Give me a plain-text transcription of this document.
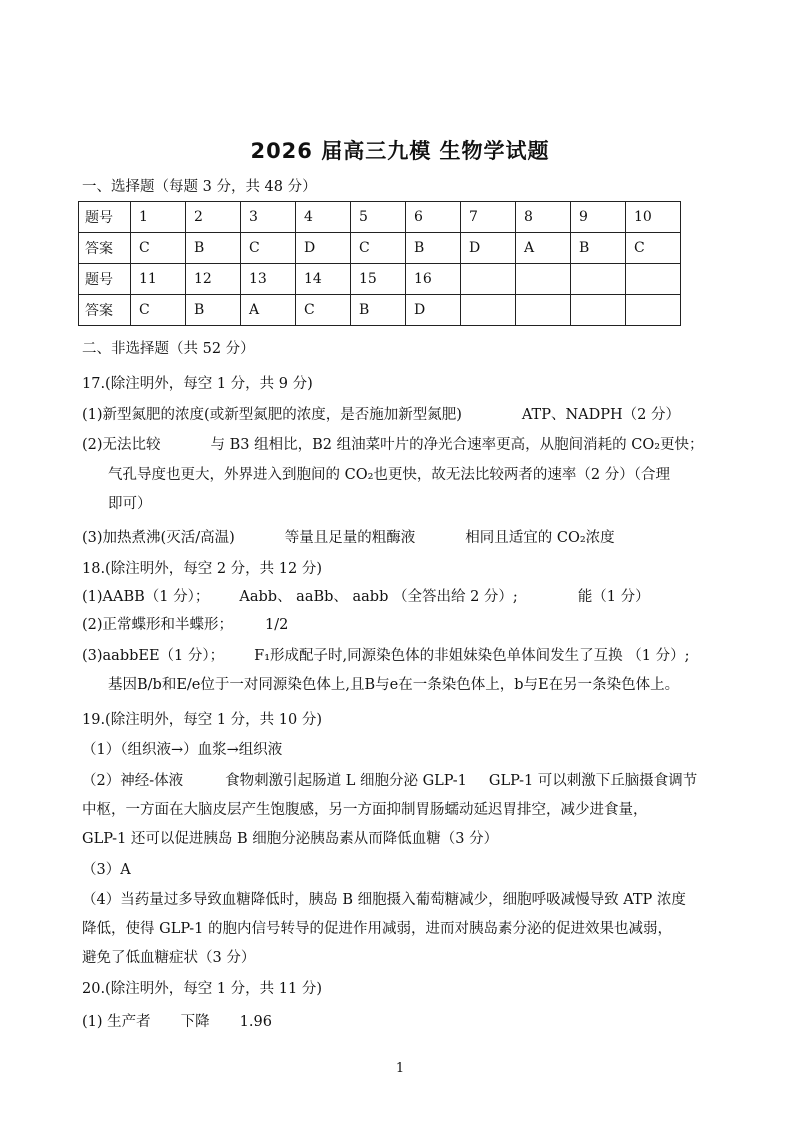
2026 届高三九模 生物学试题
一、选择题（每题 3 分，共 48 分）
题号	1	2	3	4	5	6	7	8	9	10
答案	C	B	C	D	C	B	D	A	B	C
题号	11	12	13	14	15	16				
答案	C	B	A	C	B	D				
二、非选择题（共 52 分）
17.(除注明外，每空 1 分，共 9 分)
(1)新型氮肥的浓度(或新型氮肥的浓度，是否施加新型氮肥)	ATP、NADPH（2 分）
(2)无法比较	与 B3 组相比，B2 组油菜叶片的净光合速率更高，从胞间消耗的 CO₂更快；
气孔导度也更大，外界进入到胞间的 CO₂也更快，故无法比较两者的速率（2 分）（合理
即可）
(3)加热煮沸(灭活/高温)	等量且足量的粗酶液	相同且适宜的 CO₂浓度
18.(除注明外，每空 2 分，共 12 分)
(1)AABB（1 分）； Aabb、 aaBb、 aabb （全答出给 2 分）;	能（1 分）
(2)正常蝶形和半蝶形； 1/2
(3)aabbEE（1 分）； F₁形成配子时,同源染色体的非姐妹染色单体间发生了互换 （1 分）;
基因B/b和E/e位于一对同源染色体上,且B与e在一条染色体上，b与E在另一条染色体上。
19.(除注明外，每空 1 分，共 10 分)
（1）（组织液→）血浆→组织液
（2）神经-体液	食物刺激引起肠道 L 细胞分泌 GLP-1 GLP-1 可以刺激下丘脑摄食调节
中枢，一方面在大脑皮层产生饱腹感，另一方面抑制胃肠蠕动延迟胃排空，减少进食量，
GLP-1 还可以促进胰岛 B 细胞分泌胰岛素从而降低血糖（3 分）
（3）A
（4）当药量过多导致血糖降低时，胰岛 B 细胞摄入葡萄糖减少，细胞呼吸减慢导致 ATP 浓度
降低，使得 GLP-1 的胞内信号转导的促进作用减弱，进而对胰岛素分泌的促进效果也减弱，
避免了低血糖症状（3 分）
20.(除注明外，每空 1 分，共 11 分)
(1) 生产者 下降 1.96
1
